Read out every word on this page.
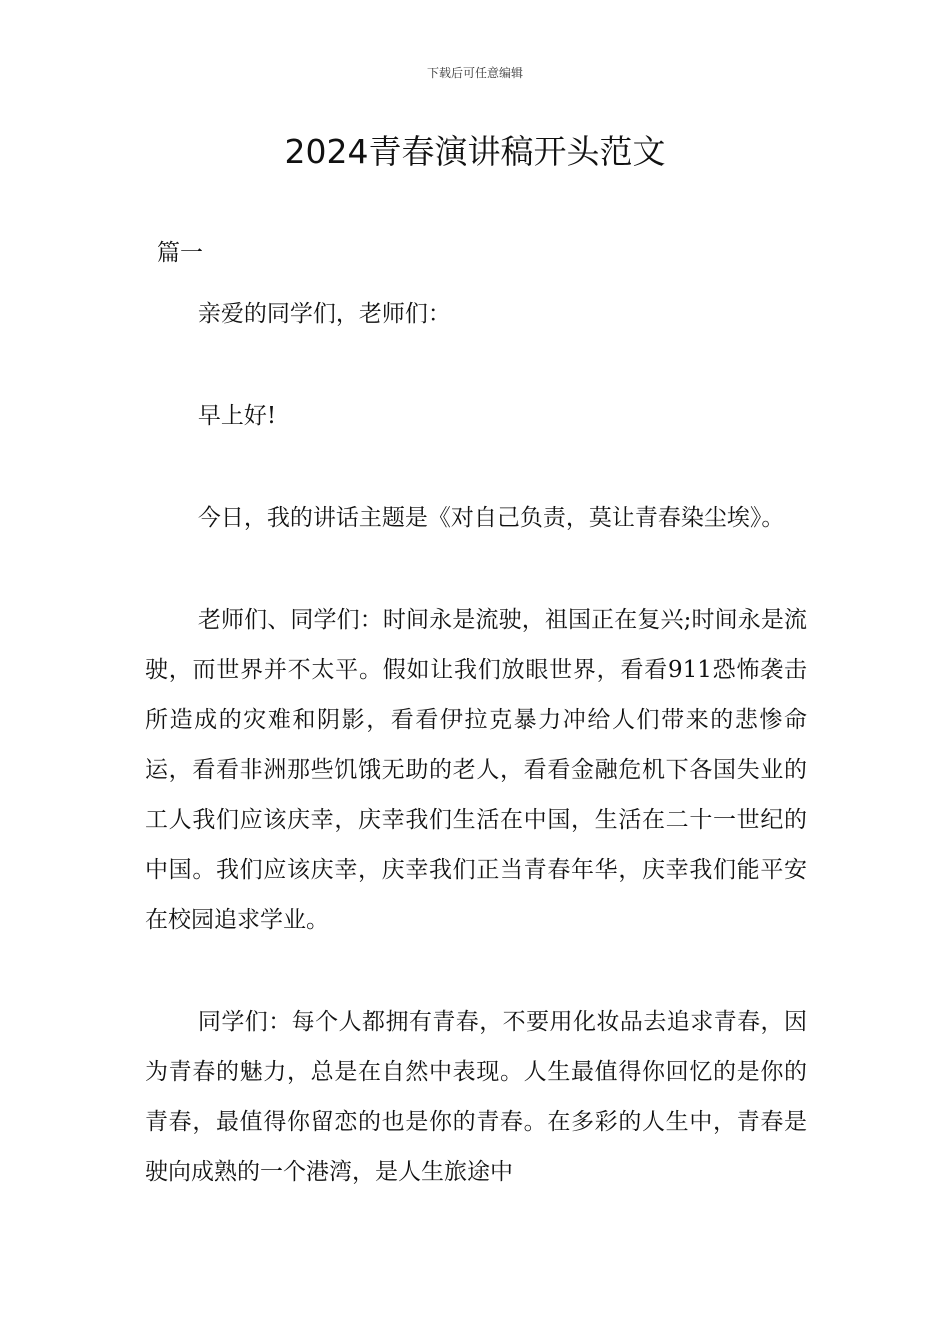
下载后可任意编辑
2024青春演讲稿开头范文
篇一

亲爱的同学们，老师们：

早上好!

今日，我的讲话主题是《对自己负责，莫让青春染尘埃》。

老师们、同学们：时间永是流驶，祖国正在复兴;时间永是流驶，而世界并不太平。假如让我们放眼世界，看看911恐怖袭击所造成的灾难和阴影，看看伊拉克暴力冲给人们带来的悲惨命运，看看非洲那些饥饿无助的老人，看看金融危机下各国失业的工人我们应该庆幸，庆幸我们生活在中国，生活在二十一世纪的中国。我们应该庆幸，庆幸我们正当青春年华，庆幸我们能平安在校园追求学业。

同学们：每个人都拥有青春，不要用化妆品去追求青春，因为青春的魅力，总是在自然中表现。人生最值得你回忆的是你的青春，最值得你留恋的也是你的青春。在多彩的人生中，青春是驶向成熟的一个港湾，是人生旅途中
